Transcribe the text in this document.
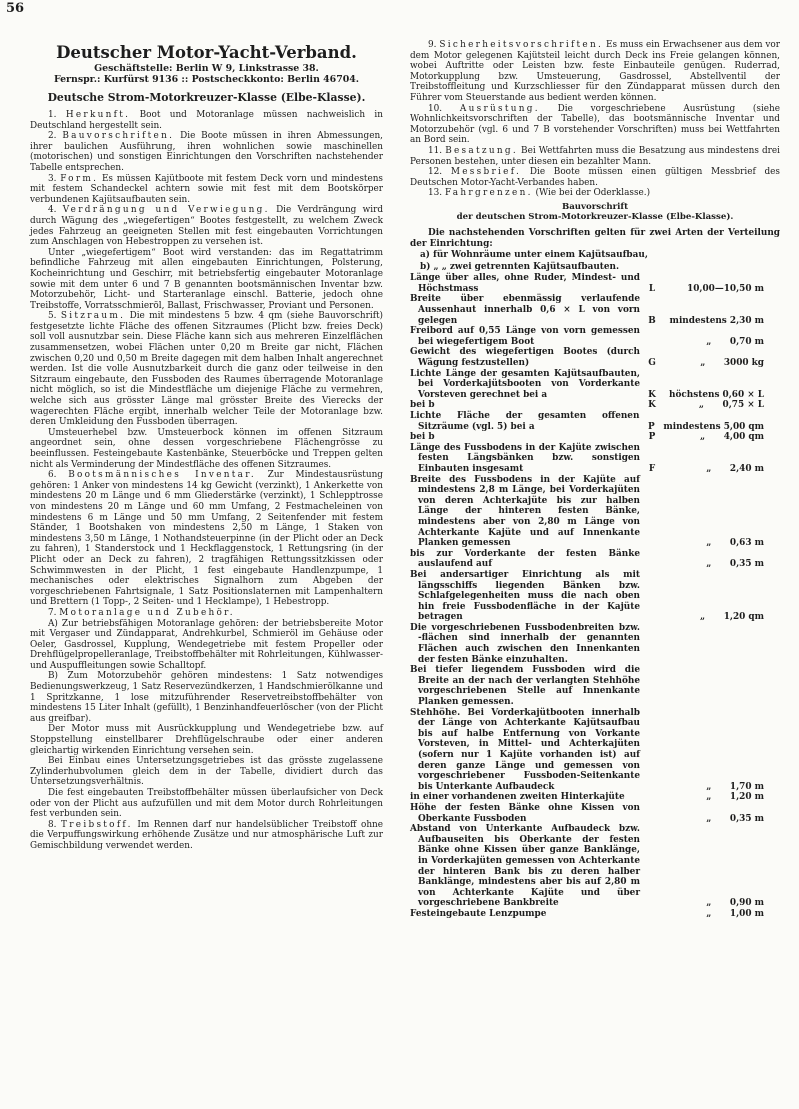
56
Deutscher Motor-Yacht-Verband.
Geschäftstelle: Berlin W 9, Linkstrasse 38.
Fernspr.: Kurfürst 9136 :: Postscheckkonto: Berlin 46704.
Deutsche Strom-Motorkreuzer-Klasse (Elbe-Klasse).

1. Herkunft. Boot und Motoranlage müssen nachweislich in Deutschland hergestellt sein.

2. Bauvorschriften. Die Boote müssen in ihren Abmessungen, ihrer baulichen Ausführung, ihren wohnlichen sowie maschinellen (motorischen) und sonstigen Einrichtungen den Vorschriften nachstehender Tabelle entsprechen.

3. Form. Es müssen Kajütboote mit festem Deck vorn und mindestens mit festem Schandeckel achtern sowie mit fest mit dem Bootskörper verbundenen Kajütsaufbauten sein.

4. Verdrängung und Verwiegung. Die Verdrängung wird durch Wägung des „wiegefertigen“ Bootes festgestellt, zu welchem Zweck jedes Fahrzeug an geeigneten Stellen mit fest eingebauten Vorrichtungen zum Anschlagen von Hebestroppen zu versehen ist.

Unter „wiegefertigem“ Boot wird verstanden: das im Regattatrimm befindliche Fahrzeug mit allen eingebauten Einrichtungen, Polsterung, Kocheinrichtung und Geschirr, mit betriebsfertig eingebauter Motoranlage sowie mit dem unter 6 und 7 B genannten bootsmännischen Inventar bzw. Motorzubehör, Licht- und Starteranlage einschl. Batterie, jedoch ohne Treibstoffe, Vorratsschmieröl, Ballast, Frischwasser, Proviant und Personen.

5. Sitzraum. Die mit mindestens 5 bzw. 4 qm (siehe Bauvorschrift) festgesetzte lichte Fläche des offenen Sitzraumes (Plicht bzw. freies Deck) soll voll ausnutzbar sein. Diese Fläche kann sich aus mehreren Einzelflächen zusammensetzen, wobei Flächen unter 0,20 m Breite gar nicht, Flächen zwischen 0,20 und 0,50 m Breite dagegen mit dem halben Inhalt angerechnet werden. Ist die volle Ausnutzbarkeit durch die ganz oder teilweise in den Sitzraum eingebaute, den Fussboden des Raumes überragende Motoranlage nicht möglich, so ist die Mindestfläche um diejenige Fläche zu vermehren, welche sich aus grösster Länge mal grösster Breite des Vierecks der wagerechten Fläche ergibt, innerhalb welcher Teile der Motoranlage bzw. deren Umkleidung den Fussboden überragen.

Umsteuerhebel bzw. Umsteuerbock können im offenen Sitzraum angeordnet sein, ohne dessen vorgeschriebene Flächengrösse zu beeinflussen. Festeingebaute Kastenbänke, Steuerböcke und Treppen gelten nicht als Verminderung der Mindestfläche des offenen Sitzraumes.

6. Bootsmännisches Inventar. Zur Mindestausrüstung gehören: 1 Anker von mindestens 14 kg Gewicht (verzinkt), 1 Ankerkette von mindestens 20 m Länge und 6 mm Gliederstärke (verzinkt), 1 Schlepptrosse von mindestens 20 m Länge und 60 mm Umfang, 2 Festmacheleinen von mindestens 6 m Länge und 50 mm Umfang, 2 Seitenfender mit festem Ständer, 1 Bootshaken von mindestens 2,50 m Länge, 1 Staken von mindestens 3,50 m Länge, 1 Nothandsteuerpinne (in der Plicht oder an Deck zu fahren), 1 Standerstock und 1 Heckflaggenstock, 1 Rettungsring (in der Plicht oder an Deck zu fahren), 2 tragfähigen Rettungssitzkissen oder Schwimmwesten in der Plicht, 1 fest eingebaute Handlenzpumpe, 1 mechanisches oder elektrisches Signalhorn zum Abgeben der vorgeschriebenen Fahrtsignale, 1 Satz Positionslaternen mit Lampenhaltern und Brettern (1 Topp-, 2 Seiten- und 1 Hecklampe), 1 Hebestropp.

7. Motoranlage und Zubehör.

A) Zur betriebsfähigen Motoranlage gehören: der betriebsbereite Motor mit Vergaser und Zündapparat, Andrehkurbel, Schmieröl im Gehäuse oder Oeler, Gasdrossel, Kupplung, Wendegetriebe mit festem Propeller oder Drehflügelpropelleranlage, Treibstoffbehälter mit Rohrleitungen, Kühlwasser- und Auspuffleitungen sowie Schalltopf.

B) Zum Motorzubehör gehören mindestens: 1 Satz notwendiges Bedienungswerkzeug, 1 Satz Reservezündkerzen, 1 Handschmierölkanne und 1 Spritzkanne, 1 lose mitzuführender Reservetreibstoffbehälter von mindestens 15 Liter Inhalt (gefüllt), 1 Benzinhandfeuerlöscher (von der Plicht aus greifbar).

Der Motor muss mit Ausrückkupplung und Wendegetriebe bzw. auf Stoppstellung einstellbarer Drehflügelschraube oder einer anderen gleichartig wirkenden Einrichtung versehen sein.

Bei Einbau eines Untersetzungsgetriebes ist das grösste zugelassene Zylinderhubvolumen gleich dem in der Tabelle, dividiert durch das Untersetzungsverhältnis.

Die fest eingebauten Treibstoffbehälter müssen überlaufsicher von Deck oder von der Plicht aus aufzufüllen und mit dem Motor durch Rohrleitungen fest verbunden sein.

8. Treibstoff. Im Rennen darf nur handelsüblicher Treibstoff ohne die Verpuffungswirkung erhöhende Zusätze und nur atmosphärische Luft zur Gemischbildung verwendet werden.

9. Sicherheitsvorschriften. Es muss ein Erwachsener aus dem vor dem Motor gelegenen Kajütsteil leicht durch Deck ins Freie gelangen können, wobei Auftritte oder Leisten bzw. feste Einbauteile genügen. Ruderrad, Motorkupplung bzw. Umsteuerung, Gasdrossel, Abstellventil der Treibstoffleitung und Kurzschliesser für den Zündapparat müssen durch den Führer vom Steuerstande aus bedient werden können.

10. Ausrüstung. Die vorgeschriebene Ausrüstung (siehe Wohnlichkeitsvorschriften der Tabelle), das bootsmännische Inventar und Motorzubehör (vgl. 6 und 7 B vorstehender Vorschriften) muss bei Wettfahrten an Bord sein.

11. Besatzung. Bei Wettfahrten muss die Besatzung aus mindestens drei Personen bestehen, unter diesen ein bezahlter Mann.

12. Messbrief. Die Boote müssen einen gültigen Messbrief des Deutschen Motor-Yacht-Verbandes haben.

13. Fahrgrenzen. (Wie bei der Oderklasse.)

Bauvorschrift
der deutschen Strom-Motorkreuzer-Klasse (Elbe-Klasse).
Die nachstehenden Vorschriften gelten für zwei Arten der Verteilung der Einrichtung:
a) für Wohnräume unter einem Kajütsaufbau,
b) „ „ zwei getrennten Kajütsaufbauten.
Länge über alles, ohne Ruder, Mindest- und Höchstmass	L	10,00—10,50 m
Breite über ebenmässig verlaufende Aussenhaut innerhalb 0,6 × L von vorn gelegen	B	mindestens 2,30 m
Freibord auf 0,55 Länge von vorn gemessen bei wiegefertigem Boot	„      0,70 m
Gewicht des wiegefertigen Bootes (durch Wägung festzustellen)	G	„      3000 kg
Lichte Länge der gesamten Kajütsaufbauten, bei Vorderkajütsbooten von Vorderkante Vorsteven gerechnet bei a	K	höchstens 0,60 × L
bei b	K	„      0,75 × L
Lichte Fläche der gesamten offenen Sitzräume (vgl. 5) bei a	P mindestens 5,00 qm
bei b	P	„      4,00 qm
Länge des Fussbodens in der Kajüte zwischen festen Längsbänken bzw. sonstigen Einbauten insgesamt	F	„      2,40 m
Breite des Fussbodens in der Kajüte auf mindestens 2,8 m Länge, bei Vorderkajüten von deren Achterkajüte bis zur halben Länge der hinteren festen Bänke, mindestens aber von 2,80 m Länge von Achterkante Kajüte und auf Innenkante Planken gemessen	„      0,63 m
bis zur Vorderkante der festen Bänke auslaufend auf	„      0,35 m
Bei andersartiger Einrichtung als mit längsschiffs liegenden Bänken bzw. Schlafgelegenheiten muss die nach oben hin freie Fussbodenfläche in der Kajüte betragen	„      1,20 qm
Die vorgeschriebenen Fussbodenbreiten bzw. -flächen sind innerhalb der genannten Flächen auch zwischen den Innenkanten der festen Bänke einzuhalten.
Bei tiefer liegendem Fussboden wird die Breite an der nach der verlangten Stehhöhe vorgeschriebenen Stelle auf Innenkante Planken gemessen.
Stehhöhe. Bei Vorderkajütbooten innerhalb der Länge von Achterkante Kajütsaufbau bis auf halbe Entfernung von Vorkante Vorsteven, in Mittel- und Achterkajüten (sofern nur 1 Kajüte vorhanden ist) auf deren ganze Länge und gemessen von vorgeschriebener Fussboden-Seitenkante bis Unterkante Aufbaudeck	„      1,70 m
in einer vorhandenen zweiten Hinterkajüte	„      1,20 m
Höhe der festen Bänke ohne Kissen von Oberkante Fussboden	„      0,35 m
Abstand von Unterkante Aufbaudeck bzw. Aufbauseiten bis Oberkante der festen Bänke ohne Kissen über ganze Banklänge, in Vorderkajüten gemessen von Achterkante der hinteren Bank bis zu deren halber Banklänge, mindestens aber bis auf 2,80 m von Achterkante Kajüte und über vorgeschriebene Bankbreite	„      0,90 m
Festeingebaute Lenzpumpe	„      1,00 m
